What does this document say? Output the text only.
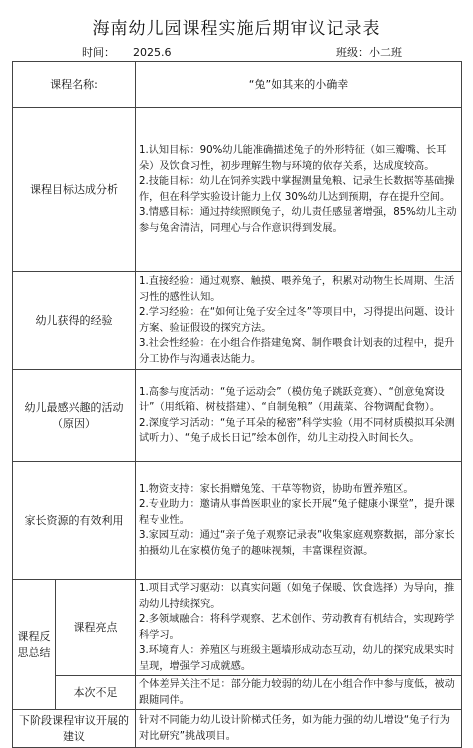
海南幼儿园课程实施后期审议记录表
时间： 2025.6	班级：小二班
课程名称:		“兔”如其来的小确幸
课程目标达成分析		1.认知目标：90%幼儿能准确描述兔子的外形特征（如三瓣嘴、长耳朵）及饮食习性，初步理解生物与环境的依存关系，达成度较高。
2.技能目标：幼儿在饲养实践中掌握测量兔粮、记录生长数据等基础操作，但在科学实验设计能力上仅 30%幼儿达到预期，存在提升空间。
3.情感目标：通过持续照顾兔子，幼儿责任感显著增强，85%幼儿主动参与兔舍清洁，同理心与合作意识得到发展。

幼儿获得的经验		1.直接经验：通过观察、触摸、喂养兔子，积累对动物生长周期、生活习性的感性认知。
2.学习经验：在“如何让兔子安全过冬”等项目中，习得提出问题、设计方案、验证假设的探究方法。
3.社会性经验：在小组合作搭建兔窝、制作喂食计划表的过程中，提升分工协作与沟通表达能力。

幼儿最感兴趣的活动（原因）		1.高参与度活动：“兔子运动会”（模仿兔子跳跃竞赛）、“创意兔窝设计”（用纸箱、树枝搭建）、“自制兔粮”（用蔬菜、谷物调配食物）。
2.深度学习活动：“兔子耳朵的秘密”科学实验（用不同材质模拟耳朵测试听力）、“兔子成长日记”绘本创作，幼儿主动投入时间长久。

家长资源的有效利用		1.物资支持：家长捐赠兔笼、干草等物资，协助布置养殖区。
2.专业助力：邀请从事兽医职业的家长开展“兔子健康小课堂”，提升课程专业性。
3.家园互动：通过“亲子兔子观察记录表”收集家庭观察数据，部分家长拍摄幼儿在家模仿兔子的趣味视频，丰富课程资源。

课程反思总结	课程亮点	1.项目式学习驱动：以真实问题（如兔子保暖、饮食选择）为导向，推动幼儿持续探究。
2.多领域融合：将科学观察、艺术创作、劳动教育有机结合，实现跨学科学习。
3.环境育人：养殖区与班级主题墙形成动态互动，幼儿的探究成果实时呈现，增强学习成就感。

	本次不足	个体差异关注不足：部分能力较弱的幼儿在小组合作中参与度低，被动跟随同伴。

下阶段课程审议开展的建议		针对不同能力幼儿设计阶梯式任务，如为能力强的幼儿增设“兔子行为对比研究”挑战项目。
